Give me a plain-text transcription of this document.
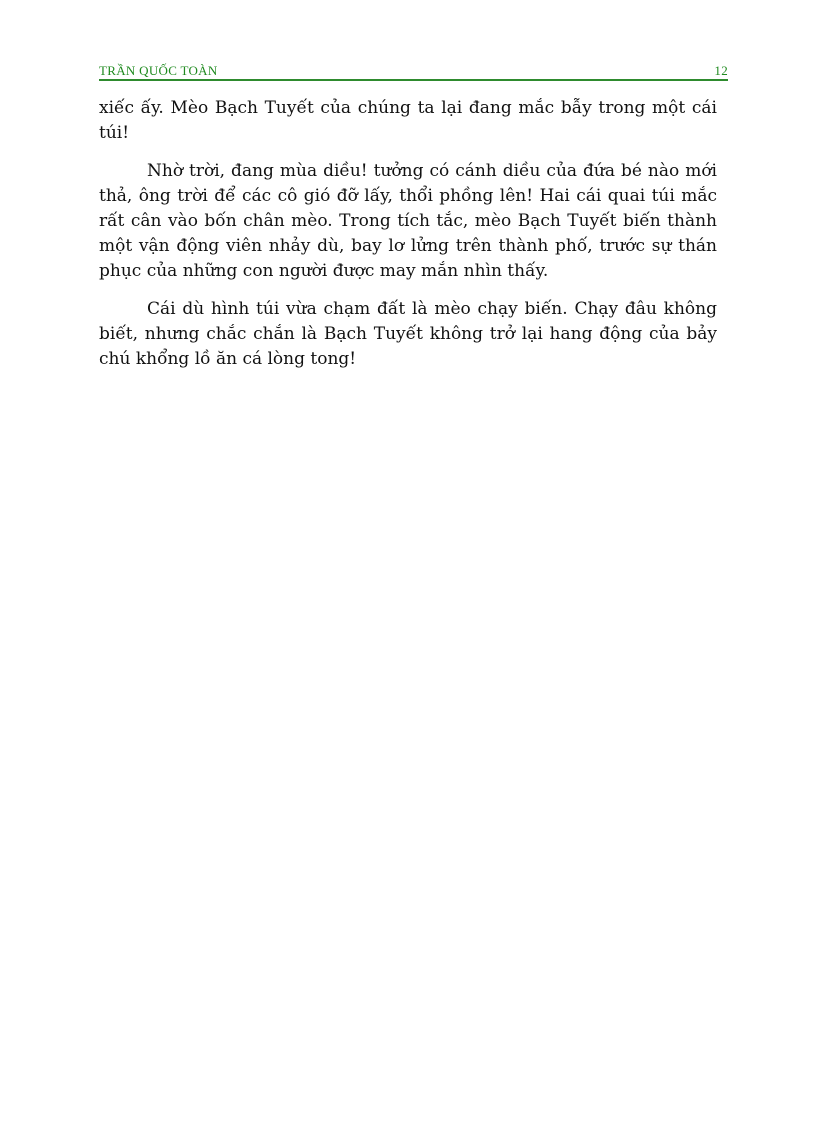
TRẦN QUỐC TOÀN	12

xiếc ấy. Mèo Bạch Tuyết của chúng ta lại đang mắc bẫy trong một cái túi!

Nhờ trời, đang mùa diều! tưởng có cánh diều của đứa bé nào mới thả, ông trời để các cô gió đỡ lấy, thổi phồng lên! Hai cái quai túi mắc rất cân vào bốn chân mèo. Trong tích tắc, mèo Bạch Tuyết biến thành một vận động viên nhảy dù, bay lơ lửng trên thành phố, trước sự thán phục của những con người được may mắn nhìn thấy.

Cái dù hình túi vừa chạm đất là mèo chạy biến. Chạy đâu không biết, nhưng chắc chắn là Bạch Tuyết không trở lại hang động của bảy chú khổng lồ ăn cá lòng tong!
